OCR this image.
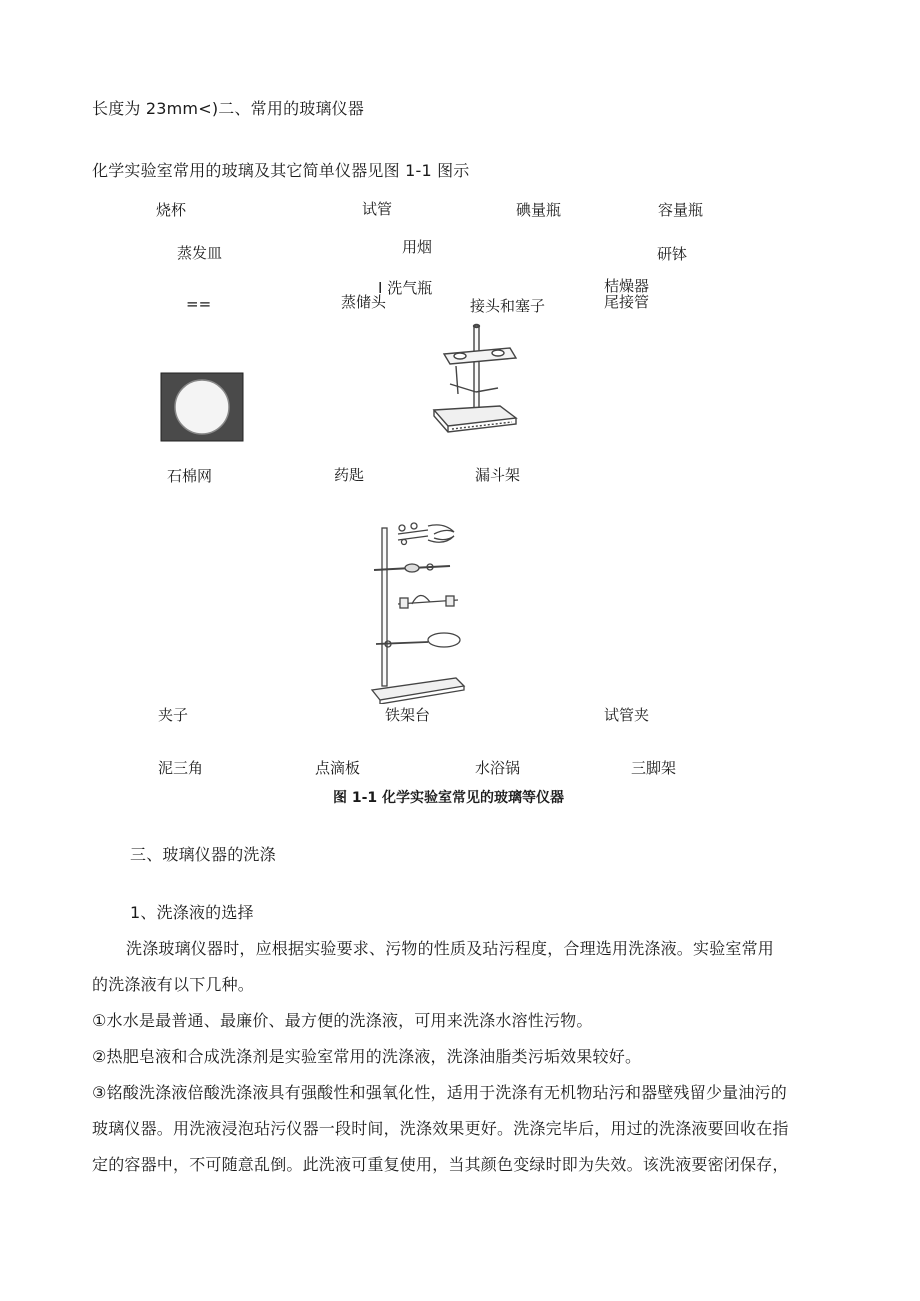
长度为 23mm<)二、常用的玻璃仪器
化学实验室常用的玻璃及其它简单仪器见图 1-1 图示
烧杯	试管	碘量瓶	容量瓶
蒸发皿	用烟	研钵
I 洗气瓶	桔燥器
==	蒸储头	接头和塞子	尾接管
石棉网	药匙	漏斗架
夹子	铁架台	试管夹
泥三角	点滴板	水浴锅	三脚架
图 1-1 化学实验室常见的玻璃等仪器
三、玻璃仪器的洗涤
1、洗涤液的选择
洗涤玻璃仪器时，应根据实验要求、污物的性质及玷污程度，合理选用洗涤液。实验室常用
的洗涤液有以下几种。
①水水是最普通、最廉价、最方便的洗涤液，可用来洗涤水溶性污物。
②热肥皂液和合成洗涤剂是实验室常用的洗涤液，洗涤油脂类污垢效果较好。
③铭酸洗涤液倍酸洗涤液具有强酸性和强氧化性，适用于洗涤有无机物玷污和器壁残留少量油污的
玻璃仪器。用洗液浸泡玷污仪器一段时间，洗涤效果更好。洗涤完毕后，用过的洗涤液要回收在指
定的容器中，不可随意乱倒。此洗液可重复使用，当其颜色变绿时即为失效。该洗液要密闭保存，
